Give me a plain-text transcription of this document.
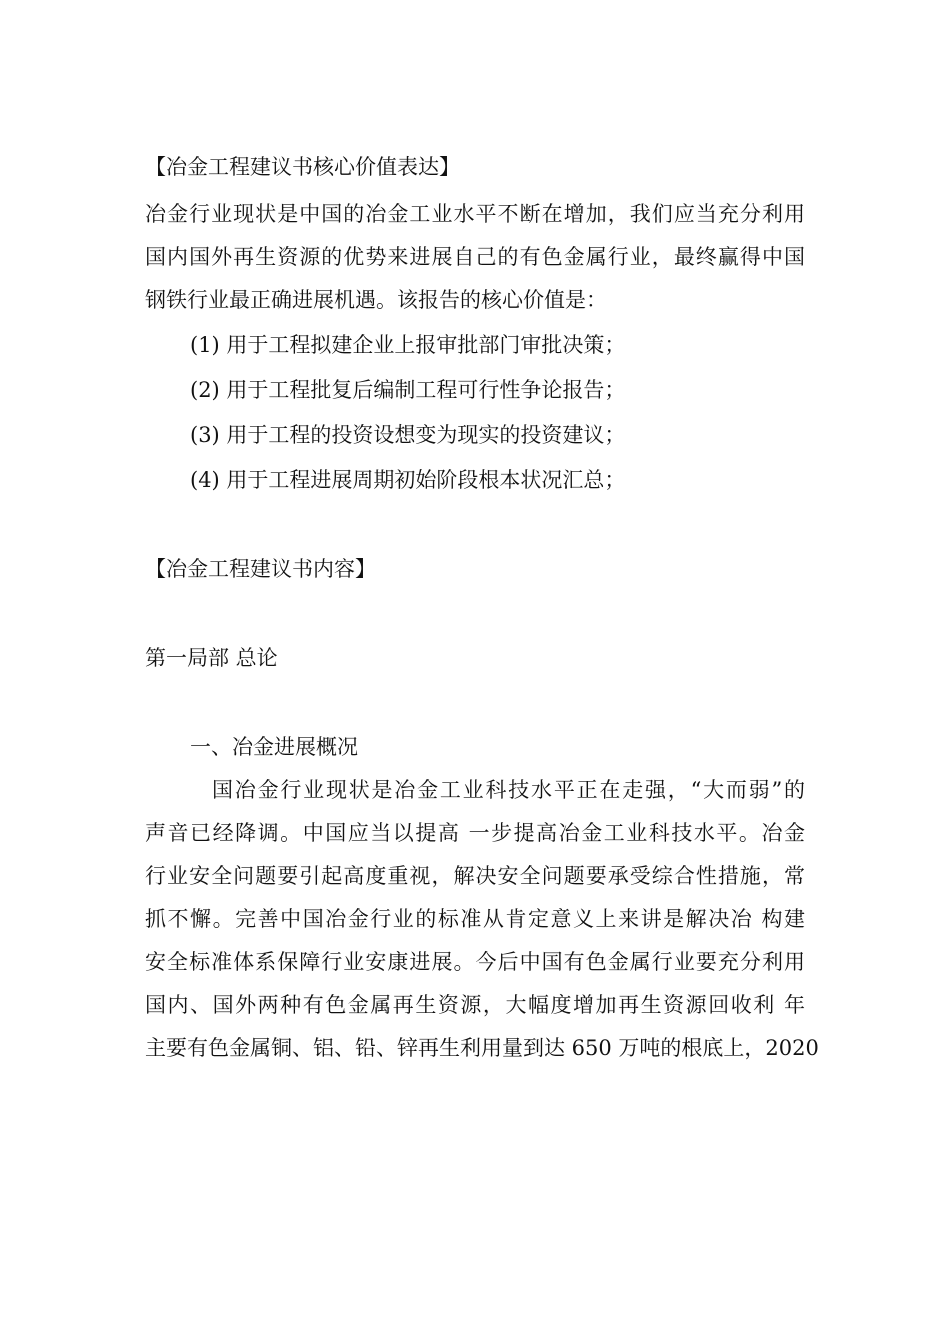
【冶金工程建议书核心价值表达】
冶金行业现状是中国的冶金工业水平不断在增加，我们应当充分利用
国内国外再生资源的优势来进展自己的有色金属行业，最终赢得中国
钢铁行业最正确进展机遇。该报告的核心价值是：
(1) 用于工程拟建企业上报审批部门审批决策；
(2) 用于工程批复后编制工程可行性争论报告；
(3) 用于工程的投资设想变为现实的投资建议；
(4) 用于工程进展周期初始阶段根本状况汇总；
【冶金工程建议书内容】
第一局部 总论
一、冶金进展概况
国冶金行业现状是冶金工业科技水平正在走强，“大而弱”的
声音已经降调。中国应当以提高 一步提高冶金工业科技水平。冶金
行业安全问题要引起高度重视，解决安全问题要承受综合性措施，常
抓不懈。完善中国冶金行业的标准从肯定意义上来讲是解决冶 构建
安全标准体系保障行业安康进展。今后中国有色金属行业要充分利用
国内、国外两种有色金属再生资源，大幅度增加再生资源回收利 年
主要有色金属铜、铝、铅、锌再生利用量到达 650 万吨的根底上，2020
